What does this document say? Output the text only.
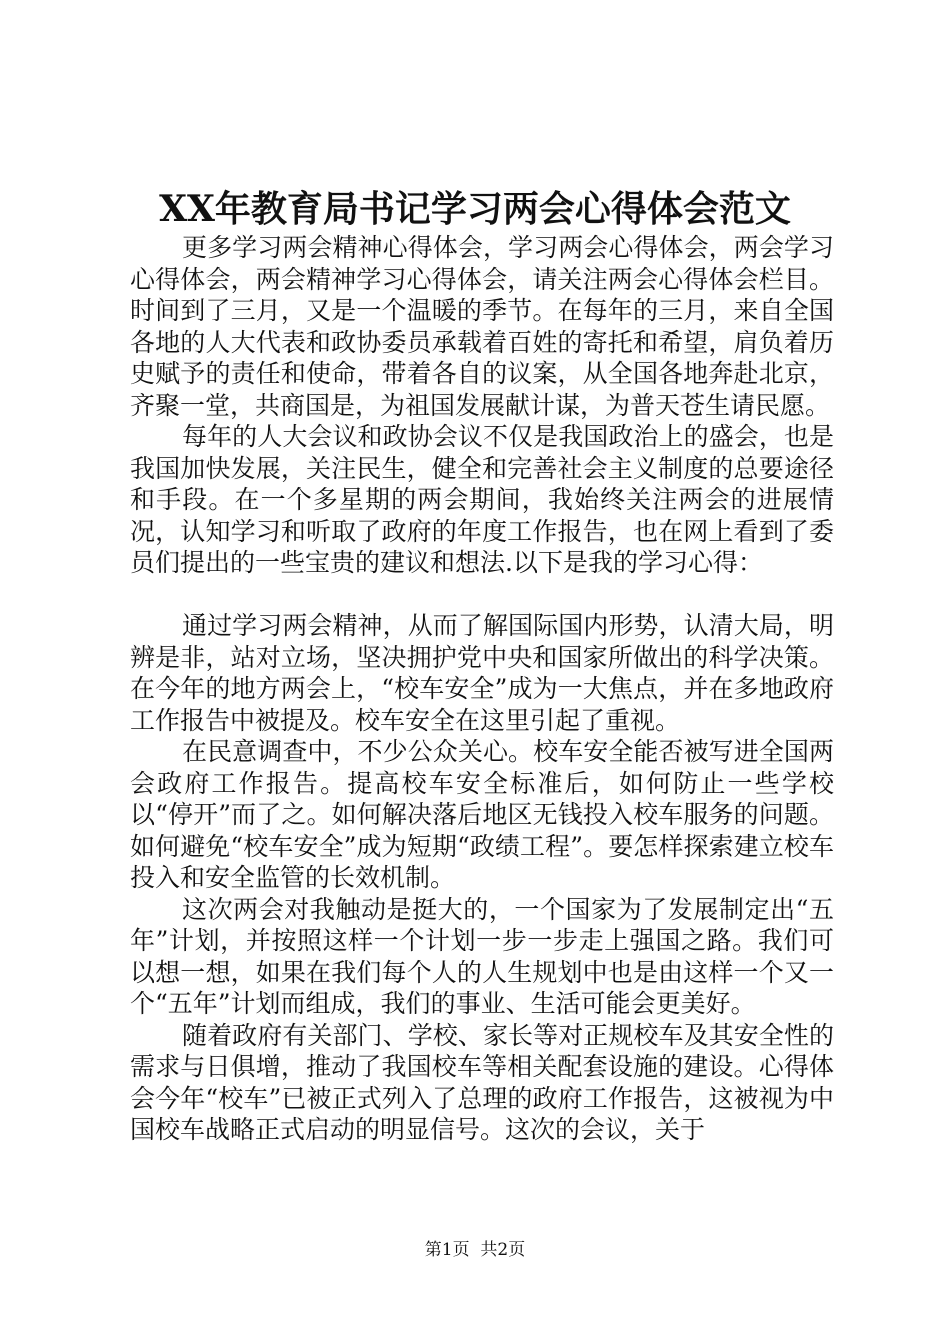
XX年教育局书记学习两会心得体会范文

更多学习两会精神心得体会，学习两会心得体会，两会学习心得体会，两会精神学习心得体会，请关注两会心得体会栏目。时间到了三月，又是一个温暖的季节。在每年的三月，来自全国各地的人大代表和政协委员承载着百姓的寄托和希望，肩负着历史赋予的责任和使命，带着各自的议案，从全国各地奔赴北京，齐聚一堂，共商国是，为祖国发展献计谋，为普天苍生请民愿。

每年的人大会议和政协会议不仅是我国政治上的盛会，也是我国加快发展，关注民生，健全和完善社会主义制度的总要途径和手段。在一个多星期的两会期间，我始终关注两会的进展情况，认知学习和听取了政府的年度工作报告，也在网上看到了委员们提出的一些宝贵的建议和想法.以下是我的学习心得：

通过学习两会精神，从而了解国际国内形势，认清大局，明辨是非，站对立场，坚决拥护党中央和国家所做出的科学决策。在今年的地方两会上，“校车安全”成为一大焦点，并在多地政府工作报告中被提及。校车安全在这里引起了重视。

在民意调查中，不少公众关心。校车安全能否被写进全国两会政府工作报告。提高校车安全标准后，如何防止一些学校以“停开”而了之。如何解决落后地区无钱投入校车服务的问题。如何避免“校车安全”成为短期“政绩工程”。要怎样探索建立校车投入和安全监管的长效机制。

这次两会对我触动是挺大的，一个国家为了发展制定出“五年”计划，并按照这样一个计划一步一步走上强国之路。我们可以想一想，如果在我们每个人的人生规划中也是由这样一个又一个“五年”计划而组成，我们的事业、生活可能会更美好。

随着政府有关部门、学校、家长等对正规校车及其安全性的需求与日俱增，推动了我国校车等相关配套设施的建设。心得体会今年“校车”已被正式列入了总理的政府工作报告，这被视为中国校车战略正式启动的明显信号。这次的会议，关于

第1页  共2页
